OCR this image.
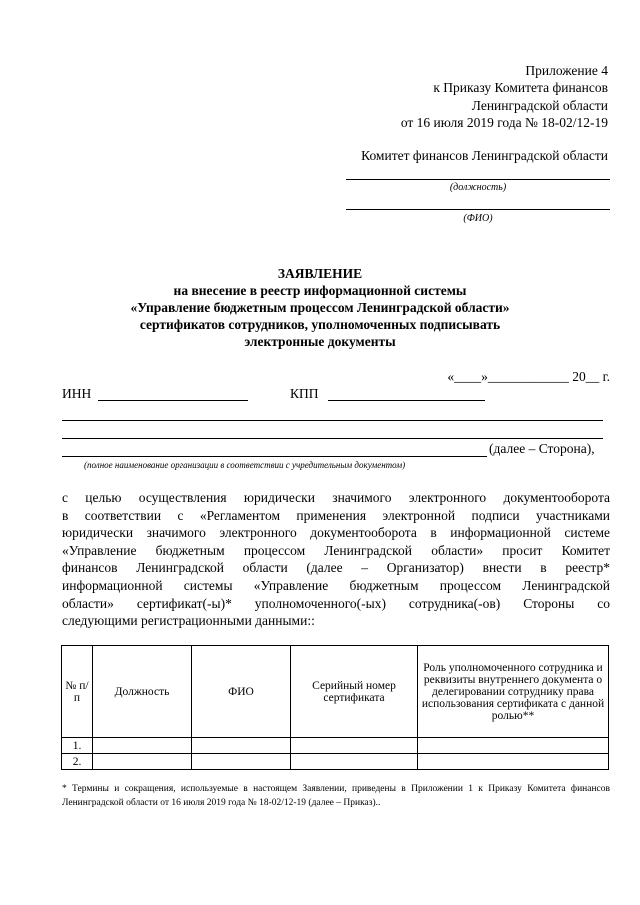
Приложение 4
к Приказу Комитета финансов
Ленинградской области
от 16 июля 2019 года № 18-02/12-19
Комитет финансов Ленинградской области
(должность)
(ФИО)
ЗАЯВЛЕНИЕ
на внесение в реестр информационной системы
«Управление бюджетным процессом Ленинградской области»
сертификатов сотрудников, уполномоченных подписывать
электронные документы
«____»____________ 20__ г.
ИНН	КПП
(далее – Сторона),
(полное наименование организации в соответствии с учредительным документом)
с целью осуществления юридически значимого электронного документооборота
в соответствии с «Регламентом применения электронной подписи участниками
юридически значимого электронного документооборота в информационной системе
«Управление бюджетным процессом Ленинградской области» просит Комитет
финансов Ленинградской области (далее – Организатор) внести в реестр*
информационной системы «Управление бюджетным процессом Ленинградской
области» сертификат(-ы)* уполномоченного(-ых) сотрудника(-ов) Стороны со
следующими регистрационными данными::
№ п/п	Должность	ФИО	Серийный номер сертификата	Роль уполномоченного сотрудника и реквизиты внутреннего документа о делегировании сотруднику права использования сертификата с данной ролью**
1.				
2.				
* Термины и сокращения, используемые в настоящем Заявлении, приведены в Приложении 1 к Приказу Комитета финансов Ленинградской области от 16 июля 2019 года № 18-02/12-19 (далее – Приказ)..
